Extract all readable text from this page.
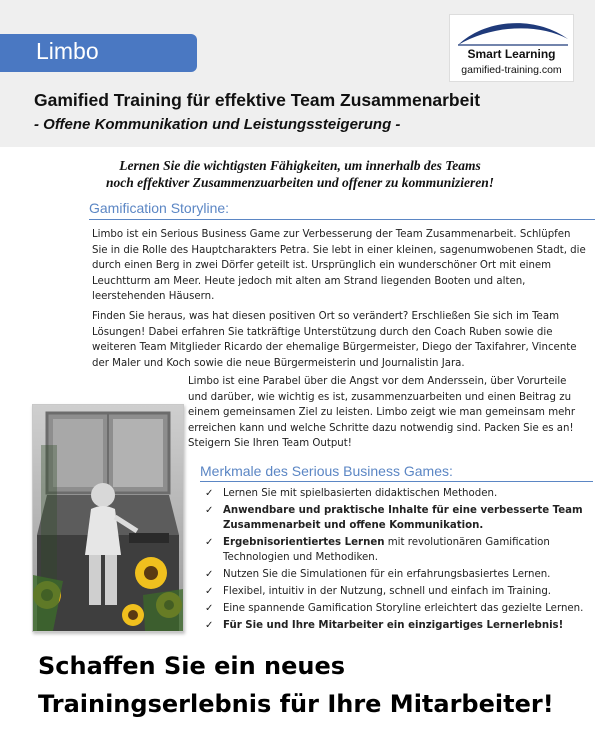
Limbo	Smart Learning
gamified-training.com
Gamified Training für effektive Team Zusammenarbeit
- Offene Kommunikation und Leistungssteigerung -
Lernen Sie die wichtigsten Fähigkeiten, um innerhalb des Teams
noch effektiver Zusammenzuarbeiten und offener zu kommunizieren!
Gamification Storyline:
Limbo ist ein Serious Business Game zur Verbesserung der Team Zusammenarbeit. Schlüpfen Sie in die Rolle des Hauptcharakters Petra. Sie lebt in einer kleinen, sagenumwobenen Stadt, die durch einen Berg in zwei Dörfer geteilt ist. Ursprünglich ein wunderschöner Ort mit einem Leuchtturm am Meer. Heute jedoch mit alten am Strand liegenden Booten und alten, leerstehenden Häusern.
Finden Sie heraus, was hat diesen positiven Ort so verändert? Erschließen Sie sich im Team Lösungen! Dabei erfahren Sie tatkräftige Unterstützung durch den Coach Ruben sowie die weiteren Team Mitglieder Ricardo der ehemalige Bürgermeister, Diego der Taxifahrer, Vincente der Maler und Koch sowie die neue Bürgermeisterin und Journalistin Jara.
Limbo ist eine Parabel über die Angst vor dem Anderssein, über Vorurteile und darüber, wie wichtig es ist, zusammenzuarbeiten und einen Beitrag zu einem gemeinsamen Ziel zu leisten. Limbo zeigt wie man gemeinsam mehr erreichen kann und welche Schritte dazu notwendig sind. Packen Sie es an! Steigern Sie Ihren Team Output!
Merkmale des Serious Business Games:
✓ Lernen Sie mit spielbasierten didaktischen Methoden.
✓ Anwendbare und praktische Inhalte für eine verbesserte Team Zusammenarbeit und offene Kommunikation.
✓ Ergebnisorientiertes Lernen mit revolutionären Gamification Technologien und Methodiken.
✓ Nutzen Sie die Simulationen für ein erfahrungsbasiertes Lernen.
✓ Flexibel, intuitiv in der Nutzung, schnell und einfach im Training.
✓ Eine spannende Gamification Storyline erleichtert das gezielte Lernen.
✓ Für Sie und Ihre Mitarbeiter ein einzigartiges Lernerlebnis!
Schaffen Sie ein neues
Trainingserlebnis für Ihre Mitarbeiter!
